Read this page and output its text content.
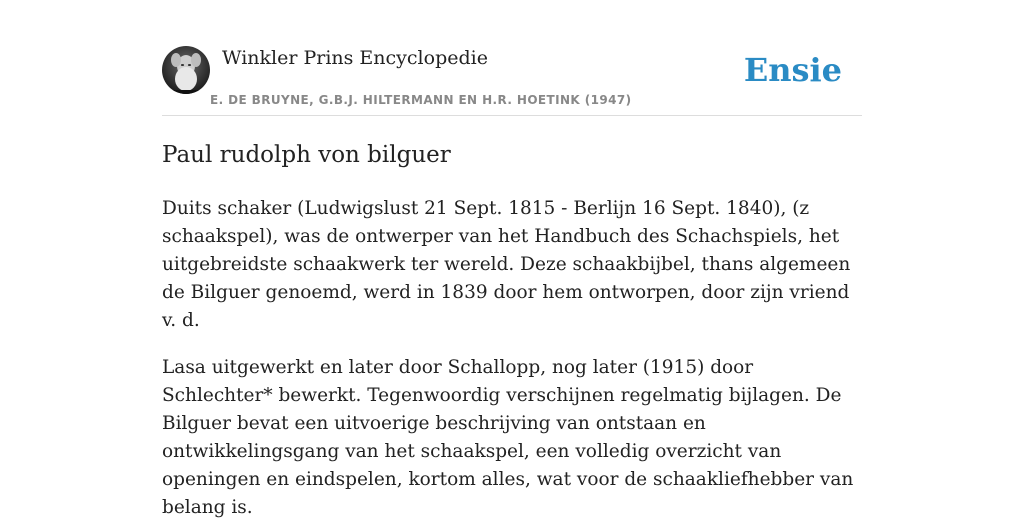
Winkler Prins Encyclopedie
E. DE BRUYNE, G.B.J. HILTERMANN EN H.R. HOETINK (1947)
Ensie
Paul rudolph von bilguer

Duits schaker (Ludwigslust 21 Sept. 1815 - Berlijn 16 Sept. 1840), (z schaakspel), was de ontwerper van het Handbuch des Schachspiels, het uitgebreidste schaakwerk ter wereld. Deze schaakbijbel, thans algemeen de Bilguer genoemd, werd in 1839 door hem ontworpen, door zijn vriend v. d.

Lasa uitgewerkt en later door Schallopp, nog later (1915) door Schlechter* bewerkt. Tegenwoordig verschijnen regelmatig bijlagen. De Bilguer bevat een uitvoerige beschrijving van ontstaan en ontwikkelingsgang van het schaakspel, een volledig overzicht van openingen en eindspelen, kortom alles, wat voor de schaakliefhebber van belang is.
